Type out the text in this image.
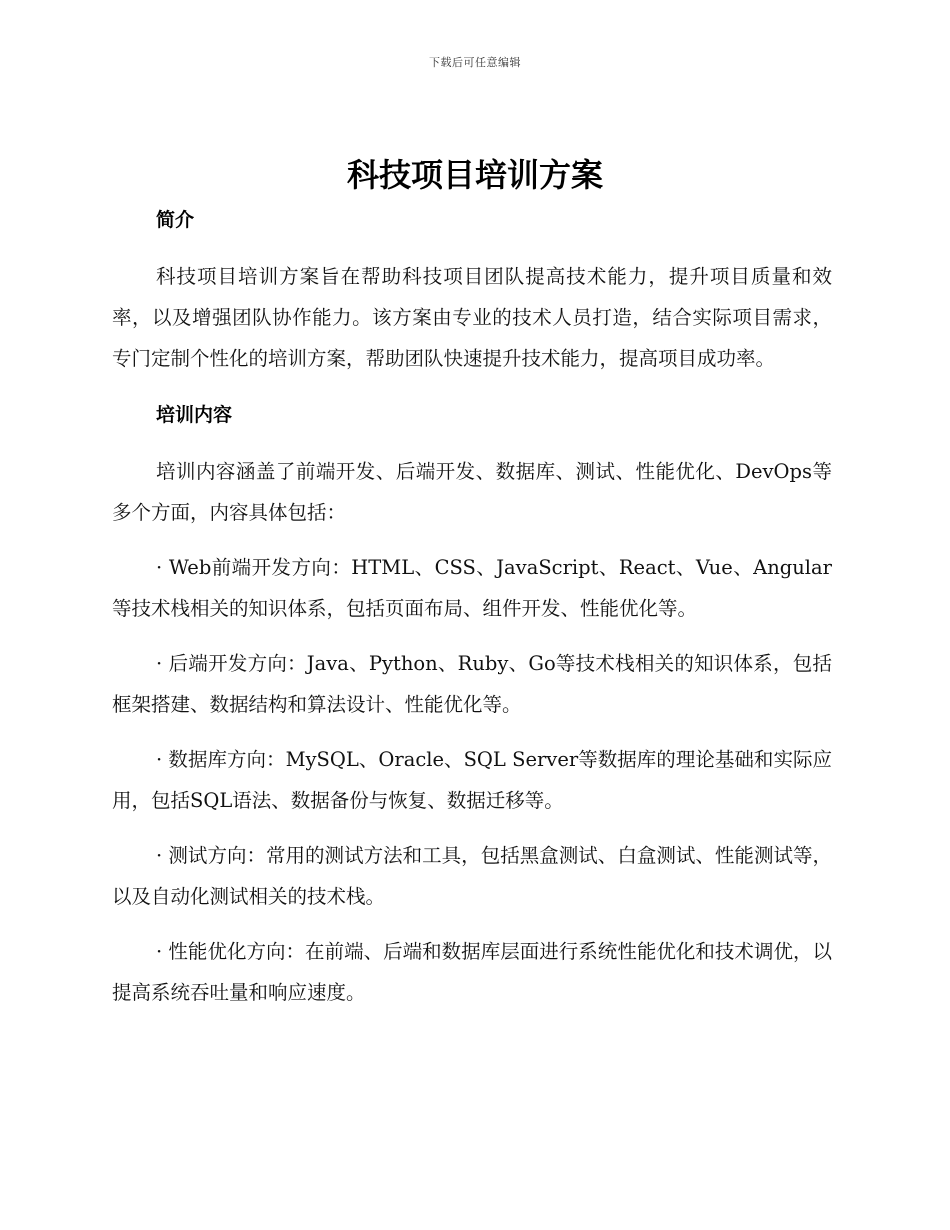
下载后可任意编辑
科技项目培训方案
简介

科技项目培训方案旨在帮助科技项目团队提高技术能力，提升项目质量和效率，以及增强团队协作能力。该方案由专业的技术人员打造，结合实际项目需求，专门定制个性化的培训方案，帮助团队快速提升技术能力，提高项目成功率。

培训内容

培训内容涵盖了前端开发、后端开发、数据库、测试、性能优化、DevOps等多个方面，内容具体包括：

· Web前端开发方向：HTML、CSS、JavaScript、React、Vue、Angular等技术栈相关的知识体系，包括页面布局、组件开发、性能优化等。

· 后端开发方向：Java、Python、Ruby、Go等技术栈相关的知识体系，包括框架搭建、数据结构和算法设计、性能优化等。

· 数据库方向：MySQL、Oracle、SQL Server等数据库的理论基础和实际应用，包括SQL语法、数据备份与恢复、数据迁移等。

· 测试方向：常用的测试方法和工具，包括黑盒测试、白盒测试、性能测试等，以及自动化测试相关的技术栈。

· 性能优化方向：在前端、后端和数据库层面进行系统性能优化和技术调优，以提高系统吞吐量和响应速度。
